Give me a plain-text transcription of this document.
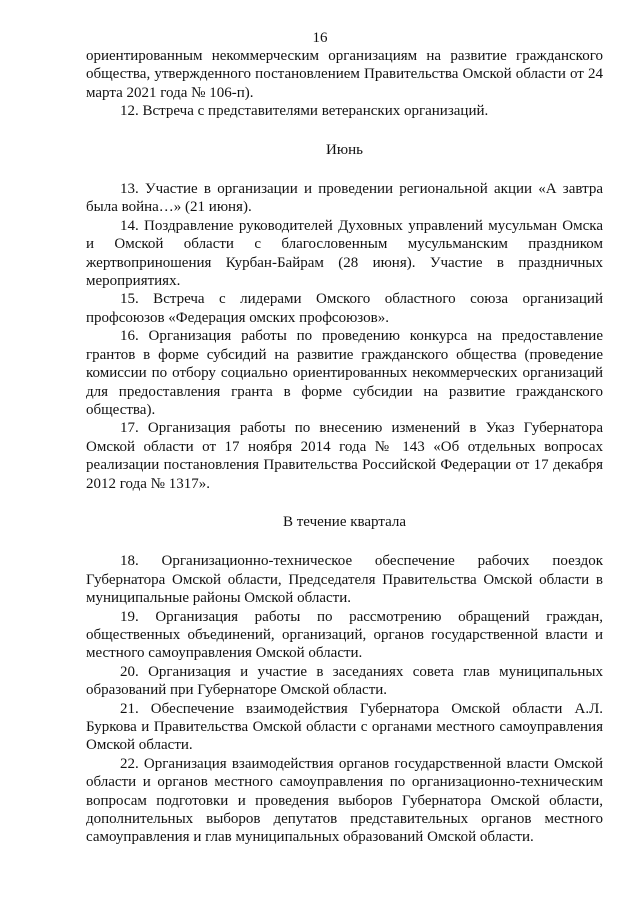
16

ориентированным некоммерческим организациям на развитие гражданского общества, утвержденного постановлением Правительства Омской области от 24 марта 2021 года № 106-п).

12. Встреча с представителями ветеранских организаций.

Июнь

13. Участие в организации и проведении региональной акции «А завтра была война…» (21 июня).

14. Поздравление руководителей Духовных управлений мусульман Омска и Омской области с благословенным мусульманским праздником жертвоприношения Курбан-Байрам (28 июня). Участие в праздничных мероприятиях.

15. Встреча с лидерами Омского областного союза организаций профсоюзов «Федерация омских профсоюзов».

16. Организация работы по проведению конкурса на предоставление грантов в форме субсидий на развитие гражданского общества (проведение комиссии по отбору социально ориентированных некоммерческих организаций для предоставления гранта в форме субсидии на развитие гражданского общества).

17. Организация работы по внесению изменений в Указ Губернатора Омской области от 17 ноября 2014 года № 143 «Об отдельных вопросах реализации постановления Правительства Российской Федерации от 17 декабря 2012 года № 1317».

В течение квартала

18. Организационно-техническое обеспечение рабочих поездок Губернатора Омской области, Председателя Правительства Омской области в муниципальные районы Омской области.

19. Организация работы по рассмотрению обращений граждан, общественных объединений, организаций, органов государственной власти и местного самоуправления Омской области.

20. Организация и участие в заседаниях совета глав муниципальных образований при Губернаторе Омской области.

21. Обеспечение взаимодействия Губернатора Омской области А.Л. Буркова и Правительства Омской области с органами местного самоуправления Омской области.

22. Организация взаимодействия органов государственной власти Омской области и органов местного самоуправления по организационно-техническим вопросам подготовки и проведения выборов Губернатора Омской области, дополнительных выборов депутатов представительных органов местного самоуправления и глав муниципальных образований Омской области.
